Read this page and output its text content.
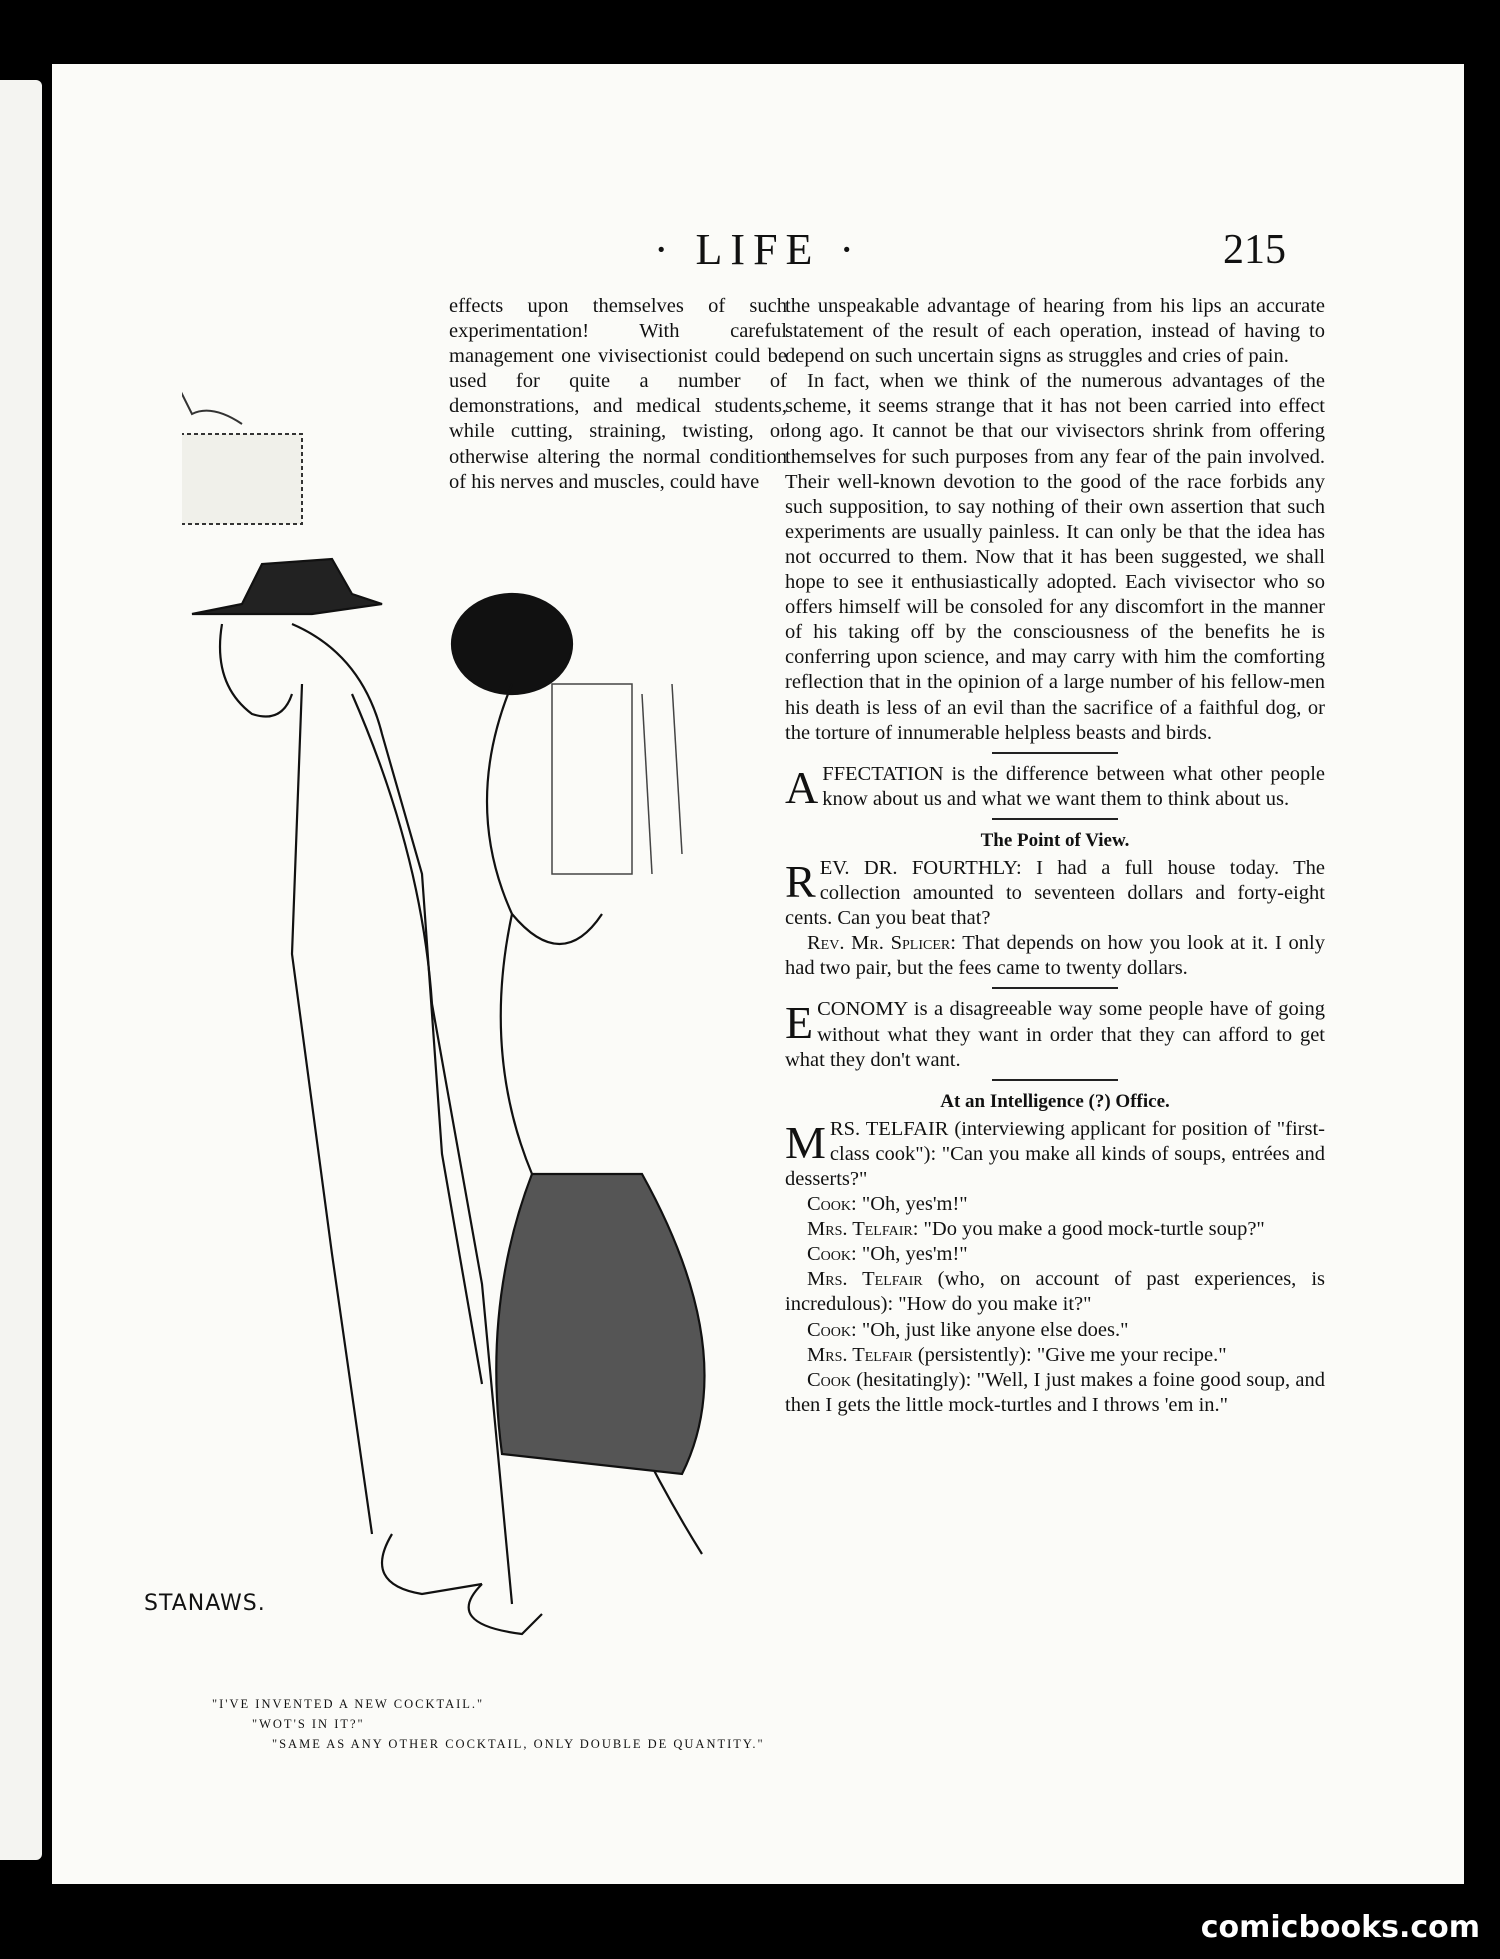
· LIFE ·	215
STANAWS.
"I'VE INVENTED A NEW COCKTAIL."
"WOT'S IN IT?"
"SAME AS ANY OTHER COCKTAIL, ONLY DOUBLE DE QUANTITY."

effects upon themselves of such experimentation! With careful management one vivisectionist could be used for quite a number of demonstrations, and medical students, while cutting, straining, twisting, or otherwise altering the normal condition of his nerves and muscles, could have

the unspeakable advantage of hearing from his lips an accurate statement of the result of each operation, instead of having to depend on such uncertain signs as struggles and cries of pain.

In fact, when we think of the numerous advantages of the scheme, it seems strange that it has not been carried into effect long ago. It cannot be that our vivisectors shrink from offering themselves for such purposes from any fear of the pain involved. Their well-known devotion to the good of the race forbids any such supposition, to say nothing of their own assertion that such experiments are usually painless. It can only be that the idea has not occurred to them. Now that it has been suggested, we shall hope to see it enthusiastically adopted. Each vivisector who so offers himself will be consoled for any discomfort in the manner of his taking off by the consciousness of the benefits he is conferring upon science, and may carry with him the comforting reflection that in the opinion of a large number of his fellow-men his death is less of an evil than the sacrifice of a faithful dog, or the torture of innumerable helpless beasts and birds.

AFFECTATION is the difference between what other people know about us and what we want them to think about us.

The Point of View.

REV. DR. FOURTHLY: I had a full house today. The collection amounted to seventeen dollars and forty-eight cents. Can you beat that?

Rev. Mr. Splicer: That depends on how you look at it. I only had two pair, but the fees came to twenty dollars.

ECONOMY is a disagreeable way some people have of going without what they want in order that they can afford to get what they don't want.

At an Intelligence (?) Office.

MRS. TELFAIR (interviewing applicant for position of "first-class cook"): "Can you make all kinds of soups, entrées and desserts?"

Cook: "Oh, yes'm!"

Mrs. Telfair: "Do you make a good mock-turtle soup?"

Cook: "Oh, yes'm!"

Mrs. Telfair (who, on account of past experiences, is incredulous): "How do you make it?"

Cook: "Oh, just like anyone else does."

Mrs. Telfair (persistently): "Give me your recipe."

Cook (hesitatingly): "Well, I just makes a foine good soup, and then I gets the little mock-turtles and I throws 'em in."

comicbooks.com
